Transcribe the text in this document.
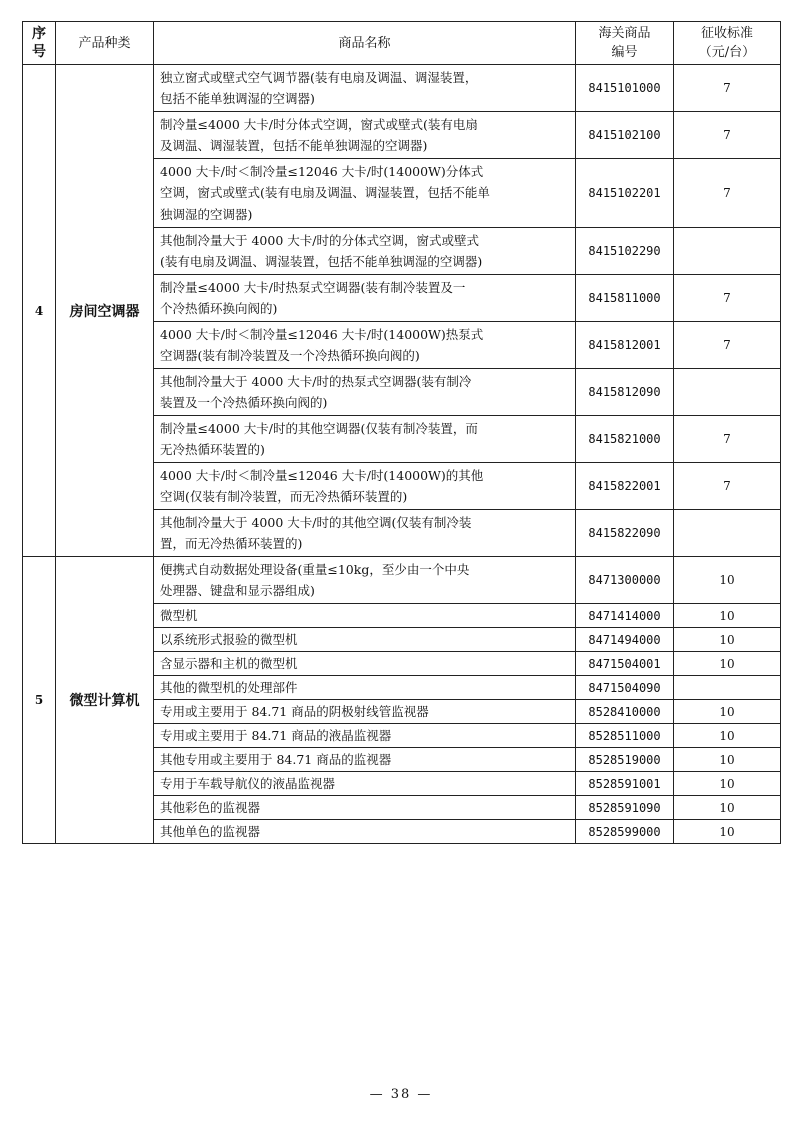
序
号	产品种类	商品名称	海关商品
编号	征收标准
（元/台）

4	房间空调器	独立窗式或壁式空气调节器(装有电扇及调温、调湿装置，
包括不能单独调湿的空调器)	8415101000	7

		制冷量≤4000 大卡/时分体式空调，窗式或壁式(装有电扇
及调温、调湿装置，包括不能单独调湿的空调器)	8415102100	7

		4000 大卡/时＜制冷量≤12046 大卡/时(14000W)分体式
空调，窗式或壁式(装有电扇及调温、调湿装置，包括不能单
独调湿的空调器)	8415102201	7

		其他制冷量大于 4000 大卡/时的分体式空调，窗式或壁式
(装有电扇及调温、调湿装置，包括不能单独调湿的空调器)	8415102290	

		制冷量≤4000 大卡/时热泵式空调器(装有制冷装置及一
个冷热循环换向阀的)	8415811000	7

		4000 大卡/时＜制冷量≤12046 大卡/时(14000W)热泵式
空调器(装有制冷装置及一个冷热循环换向阀的)	8415812001	7

		其他制冷量大于 4000 大卡/时的热泵式空调器(装有制冷
装置及一个冷热循环换向阀的)	8415812090	

		制冷量≤4000 大卡/时的其他空调器(仅装有制冷装置，而
无冷热循环装置的)	8415821000	7

		4000 大卡/时＜制冷量≤12046 大卡/时(14000W)的其他
空调(仅装有制冷装置，而无冷热循环装置的)	8415822001	7

		其他制冷量大于 4000 大卡/时的其他空调(仅装有制冷装
置，而无冷热循环装置的)	8415822090	
5	微型计算机	便携式自动数据处理设备(重量≤10kg，至少由一个中央
处理器、键盘和显示器组成)	8471300000	10

		微型机	8471414000	10

		以系统形式报验的微型机	8471494000	10

		含显示器和主机的微型机	8471504001	10

		其他的微型机的处理部件	8471504090	

		专用或主要用于 84.71 商品的阴极射线管监视器	8528410000	10

		专用或主要用于 84.71 商品的液晶监视器	8528511000	10

		其他专用或主要用于 84.71 商品的监视器	8528519000	10

		专用于车载导航仪的液晶监视器	8528591001	10

		其他彩色的监视器	8528591090	10

		其他单色的监视器	8528599000	10
— 38 —
